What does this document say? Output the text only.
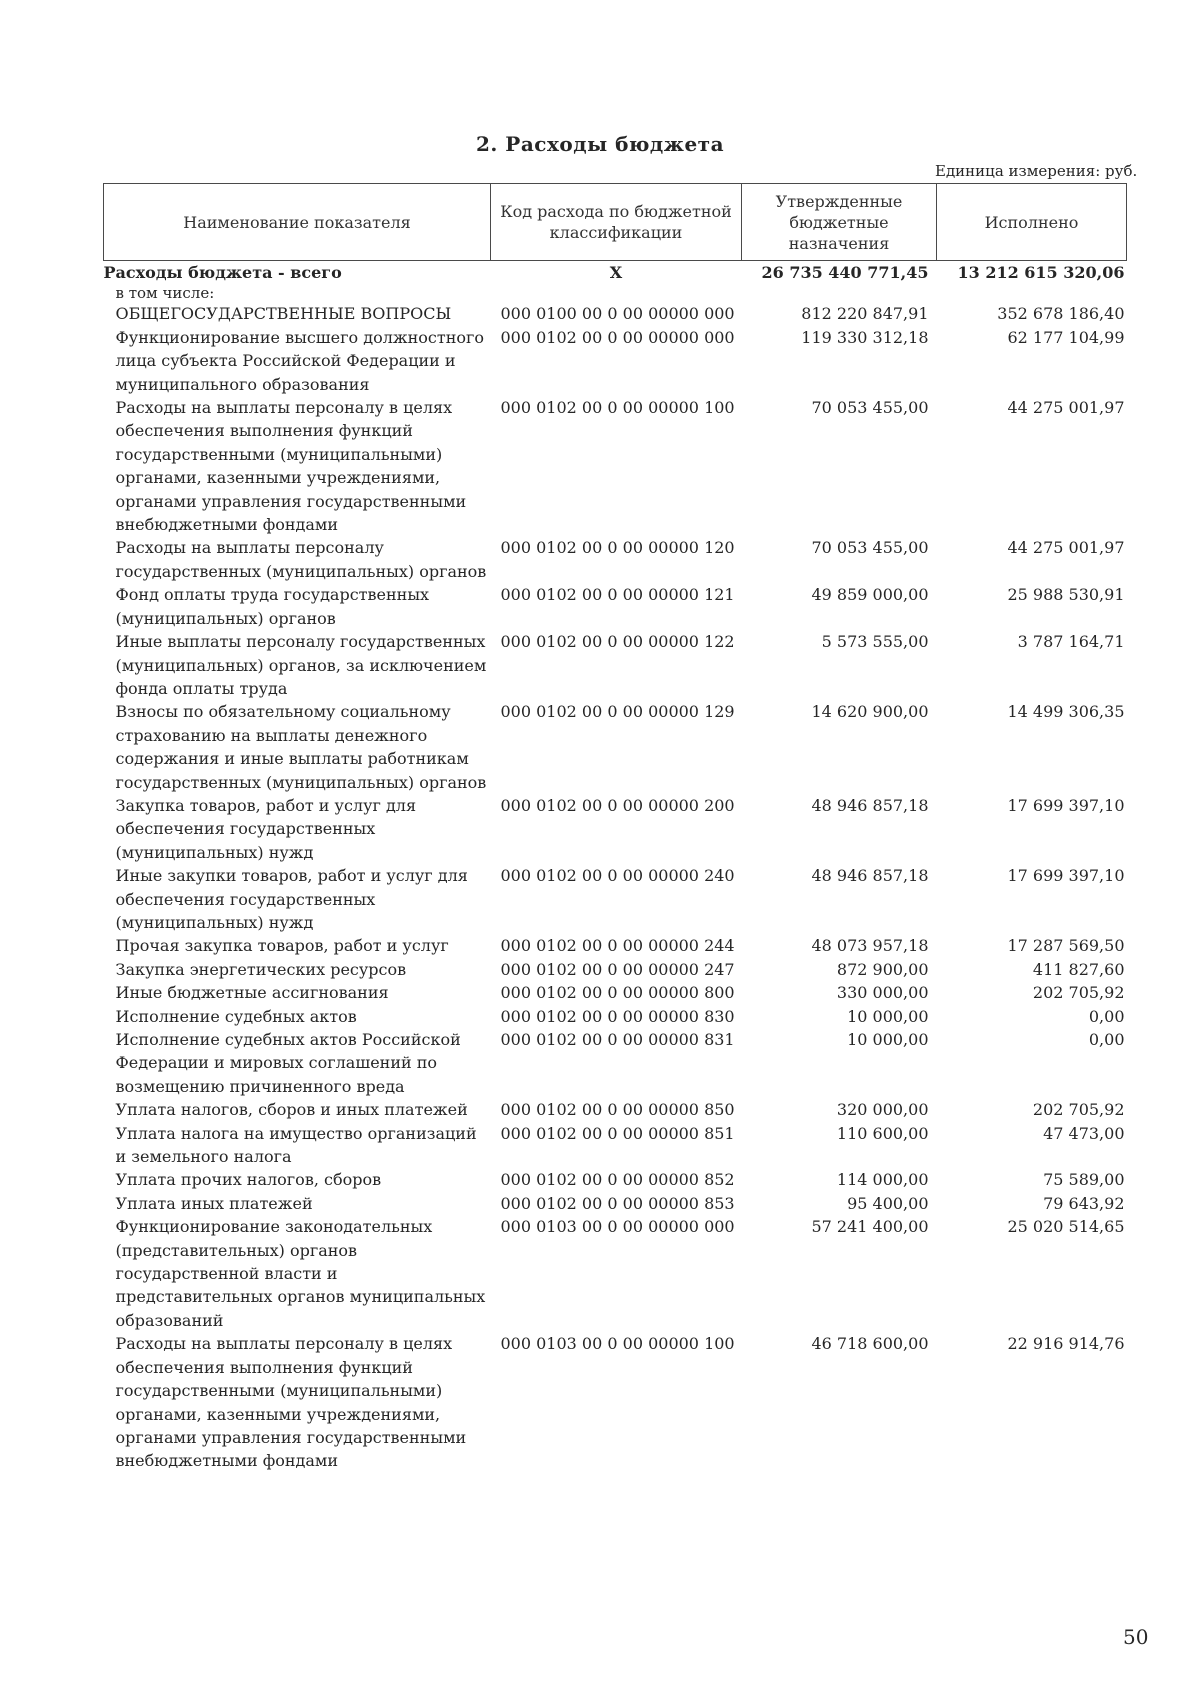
2. Расходы бюджета
Единица измерения: руб.
Наименование показателя	Код расхода по бюджетной классификации	Утвержденные бюджетные назначения	Исполнено
Расходы бюджета - всего	Х	26 735 440 771,45	13 212 615 320,06
в том числе:			
ОБЩЕГОСУДАРСТВЕННЫЕ ВОПРОСЫ	000 0100 00 0 00 00000 000	812 220 847,91	352 678 186,40
Функционирование высшего должностного лица субъекта Российской Федерации и муниципального образования	000 0102 00 0 00 00000 000	119 330 312,18	62 177 104,99
Расходы на выплаты персоналу в целях обеспечения выполнения функций государственными (муниципальными) органами, казенными учреждениями, органами управления государственными внебюджетными фондами	000 0102 00 0 00 00000 100	70 053 455,00	44 275 001,97
Расходы на выплаты персоналу государственных (муниципальных) органов	000 0102 00 0 00 00000 120	70 053 455,00	44 275 001,97
Фонд оплаты труда государственных (муниципальных) органов	000 0102 00 0 00 00000 121	49 859 000,00	25 988 530,91
Иные выплаты персоналу государственных (муниципальных) органов, за исключением фонда оплаты труда	000 0102 00 0 00 00000 122	5 573 555,00	3 787 164,71
Взносы по обязательному социальному страхованию на выплаты денежного содержания и иные выплаты работникам государственных (муниципальных) органов	000 0102 00 0 00 00000 129	14 620 900,00	14 499 306,35
Закупка товаров, работ и услуг для обеспечения государственных (муниципальных) нужд	000 0102 00 0 00 00000 200	48 946 857,18	17 699 397,10
Иные закупки товаров, работ и услуг для обеспечения государственных (муниципальных) нужд	000 0102 00 0 00 00000 240	48 946 857,18	17 699 397,10
Прочая закупка товаров, работ и услуг	000 0102 00 0 00 00000 244	48 073 957,18	17 287 569,50
Закупка энергетических ресурсов	000 0102 00 0 00 00000 247	872 900,00	411 827,60
Иные бюджетные ассигнования	000 0102 00 0 00 00000 800	330 000,00	202 705,92
Исполнение судебных актов	000 0102 00 0 00 00000 830	10 000,00	0,00
Исполнение судебных актов Российской Федерации и мировых соглашений по возмещению причиненного вреда	000 0102 00 0 00 00000 831	10 000,00	0,00
Уплата налогов, сборов и иных платежей	000 0102 00 0 00 00000 850	320 000,00	202 705,92
Уплата налога на имущество организаций и земельного налога	000 0102 00 0 00 00000 851	110 600,00	47 473,00
Уплата прочих налогов, сборов	000 0102 00 0 00 00000 852	114 000,00	75 589,00
Уплата иных платежей	000 0102 00 0 00 00000 853	95 400,00	79 643,92
Функционирование законодательных (представительных) органов государственной власти и представительных органов муниципальных образований	000 0103 00 0 00 00000 000	57 241 400,00	25 020 514,65
Расходы на выплаты персоналу в целях обеспечения выполнения функций государственными (муниципальными) органами, казенными учреждениями, органами управления государственными внебюджетными фондами	000 0103 00 0 00 00000 100	46 718 600,00	22 916 914,76
50
